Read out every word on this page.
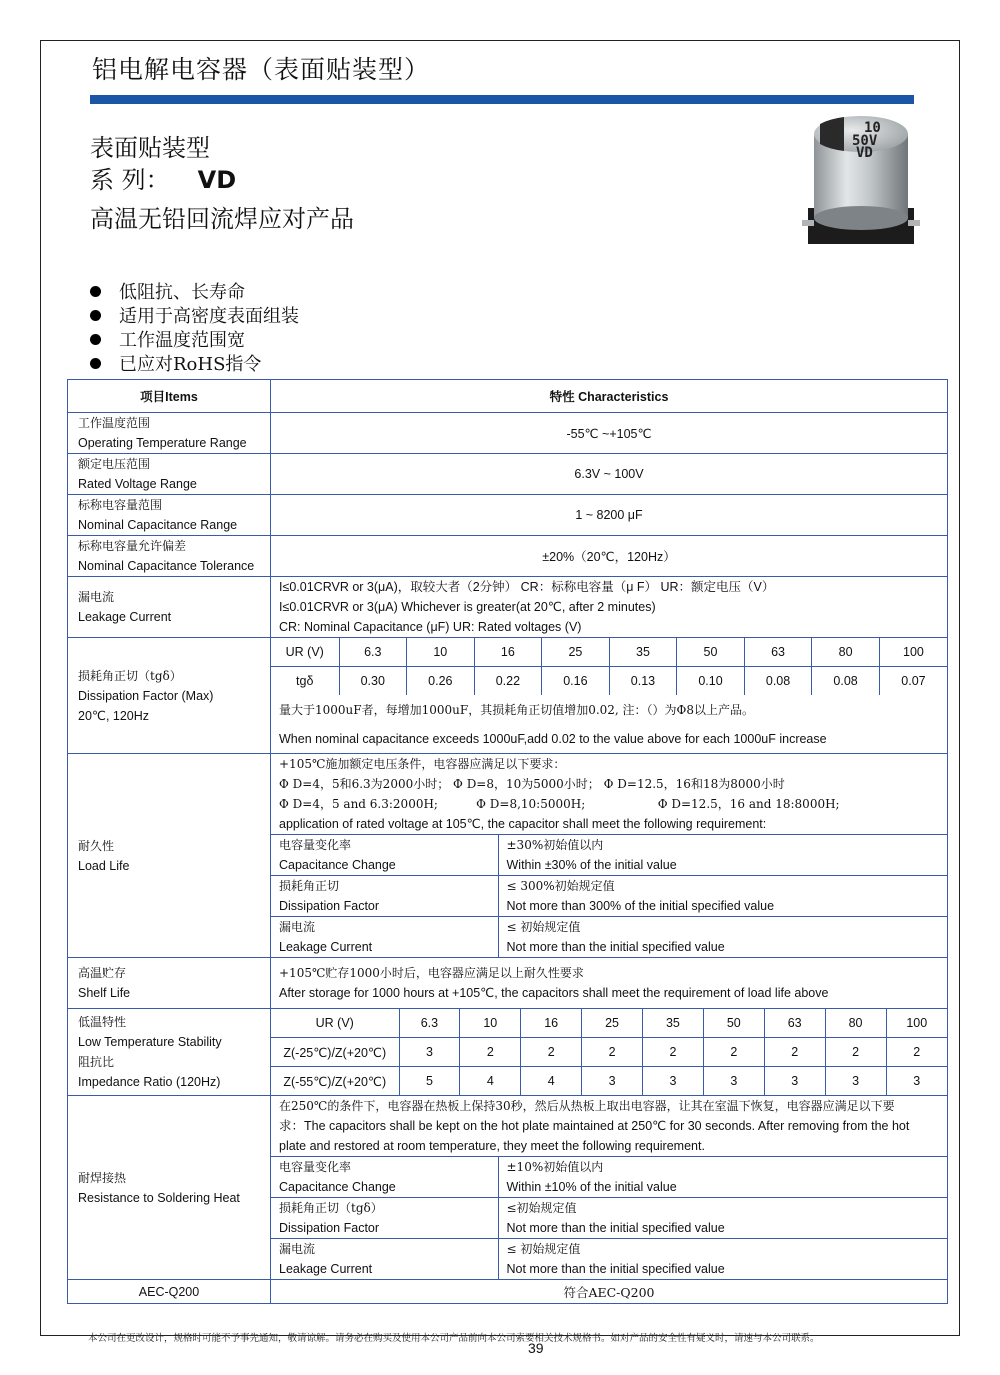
铝电解电容器（表面贴装型）
表面贴装型
系 列： VD
高温无铅回流焊应对产品
10
50V
VD
低阻抗、长寿命
适用于高密度表面组装
工作温度范围宽
已应对RoHS指令
项目Items	特性 Characteristics

工作温度范围
Operating Temperature Range
	-55℃ ~+105℃

额定电压范围
Rated Voltage Range
	6.3V ~ 100V

标称电容量范围
Nominal Capacitance Range
	1 ~ 8200 μF

标称电容量允许偏差
Nominal Capacitance Tolerance
	±20%（20℃，120Hz）

漏电流
Leakage Current

I≤0.01CRVR or 3(μA)，取较大者（2分钟） CR：标称电容量（μ F） UR：额定电压（V）
I≤0.01CRVR or 3(μA) Whichever is greater(at 20℃, after 2 minutes)
CR: Nominal Capacitance (μF) UR: Rated voltages (V)

损耗角正切（tgδ）
Dissipation Factor (Max)
20℃, 120Hz

UR (V)	6.3	10	16	25	35	50	63	80	100
tgδ	0.30	0.26	0.22	0.16	0.13	0.10	0.08	0.08	0.07
量大于1000uF者，每增加1000uF，其损耗角正切值增加0.02, 注：（）为Φ8以上产品。
When nominal capacitance exceeds 1000uF,add 0.02 to the value above for each 1000uF increase

耐久性
Load Life

+105℃施加额定电压条件，电容器应满足以下要求：
Φ D=4，5和6.3为2000小时； Φ D=8，10为5000小时； Φ D=12.5，16和18为8000小时
Φ D=4，5 and 6.3:2000H;          Φ D=8,10:5000H;                   Φ D=12.5，16 and 18:8000H;
application of rated voltage at 105℃, the capacitor shall meet the following requirement:
电容量变化率
Capacitance Change

±30%初始值以内
Within ±30% of the initial value

损耗角正切
Dissipation Factor

≤ 300%初始规定值
Not more than 300% of the initial specified value

漏电流
Leakage Current

≤ 初始规定值
Not more than the initial specified value

高温贮存
Shelf Life

+105℃贮存1000小时后，电容器应满足以上耐久性要求
After storage for 1000 hours at +105℃, the capacitors shall meet the requirement of load life above

低温特性
Low Temperature Stability
阻抗比
Impedance Ratio (120Hz)

UR (V)	6.3	10	16	25	35	50	63	80	100
Z(-25℃)/Z(+20℃)	3	2	2	2	2	2	2	2	2
Z(-55℃)/Z(+20℃)	5	4	4	3	3	3	3	3	3

耐焊接热
Resistance to Soldering Heat

在250℃的条件下，电容器在热板上保持30秒，然后从热板上取出电容器，让其在室温下恢复，电容器应满足以下要
求：The capacitors shall be kept on the hot plate maintained at 250℃ for 30 seconds. After removing from the hot
plate and restored at room temperature, they meet the following requirement.
电容量变化率
Capacitance Change

±10%初始值以内
Within ±10% of the initial value

损耗角正切（tgδ）
Dissipation Factor

≤初始规定值
Not more than the initial specified value

漏电流
Leakage Current

≤ 初始规定值
Not more than the initial specified value

AEC-Q200	符合AEC-Q200
本公司在更改设计，规格时可能不予事先通知，敬请谅解。请务必在购买及使用本公司产品前向本公司索要相关技术规格书。如对产品的安全性有疑义时，请速与本公司联系。
39
